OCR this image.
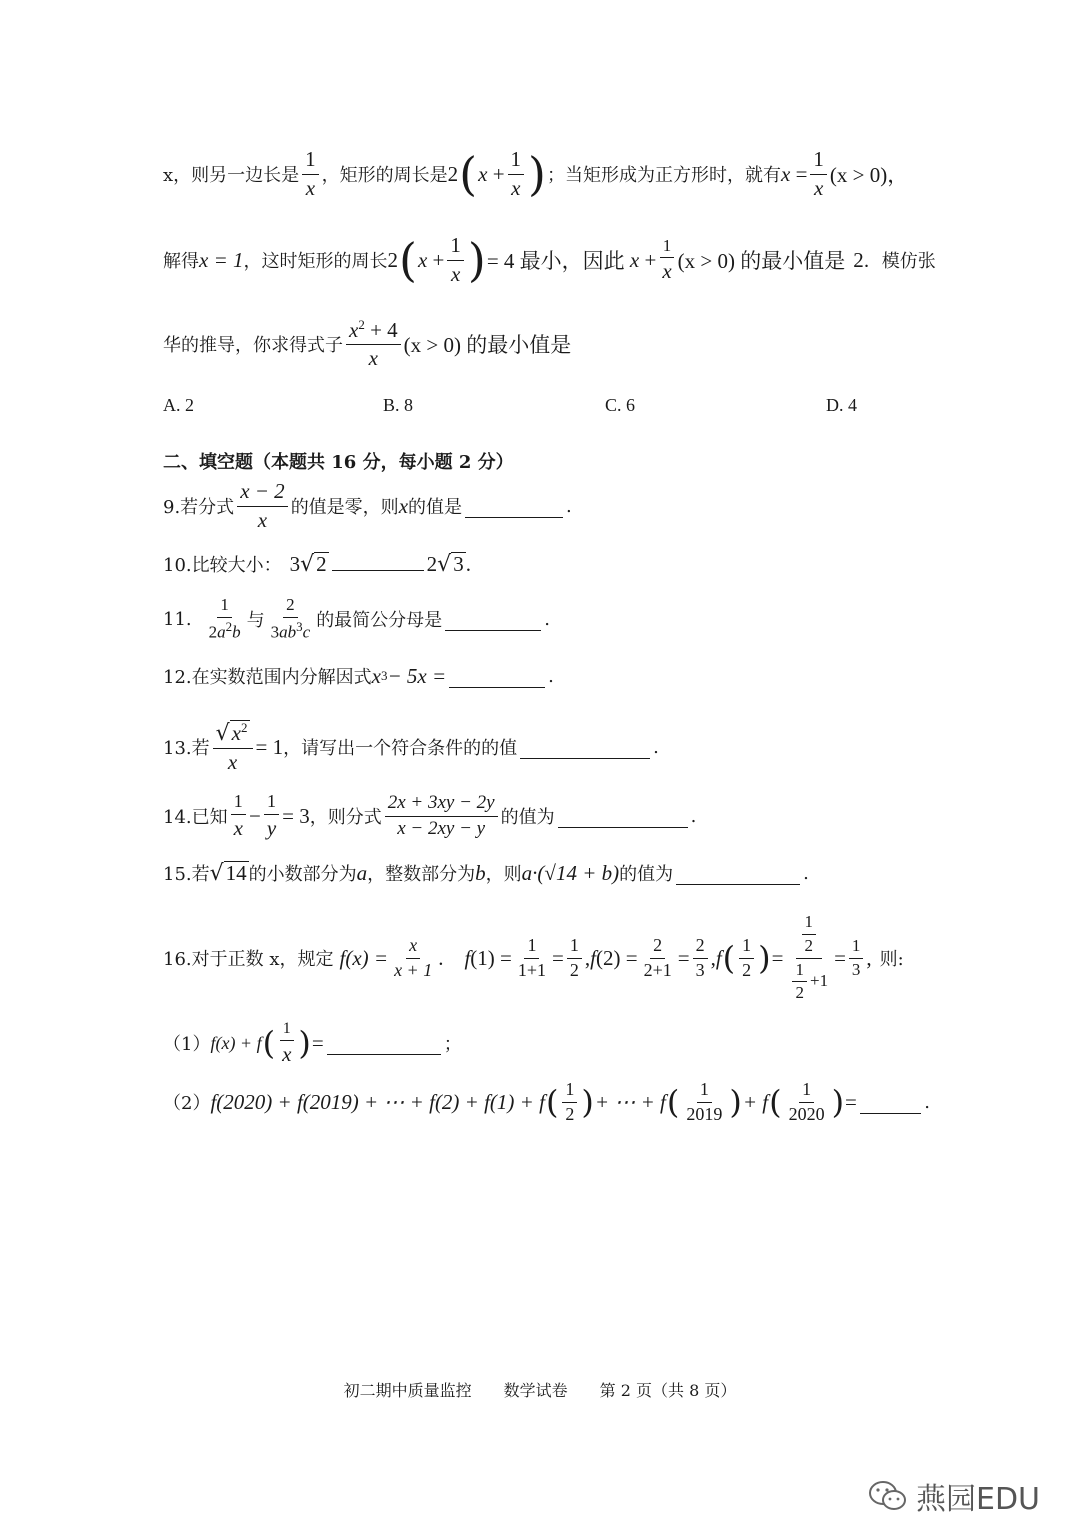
x，则另一边长是 $\frac{1}{x}$ ，矩形的周长是 2 ( $x + \frac{1}{x}$ ) ；当矩形成为正方形时，就有 $x = \frac{1}{x} (x > 0)$，
解得 x = 1 ，这时矩形的周长 2 ( $x + \frac{1}{x}$ ) = 4 最小，因此 $x + \frac{1}{x} (x > 0)$ 的最小值是 2 ．模仿张
华的推导，你求得式子 $\frac{x^2 + 4}{x} (x > 0)$ 的最小值是
A. 2	B. 8	C. 6	D. 4
二、填空题（本题共 16 分，每小题 2 分）
9.若分式 $\frac{x - 2}{x}$ 的值是零，则 x 的值是	.
10.比较大小： 3 √ 2	2 √ 3 .
11. $\frac{1}{2a^2b}$ 与 $\frac{2}{3ab^3c}$ 的最简公分母是	.
12.在实数范围内分解因式 x 3 − 5x =	.
13.若 $\frac{√ x^2}{x} = 1$ ，请写出一个符合条件的的值	.
14.已知 $\frac{1}{x} - \frac{1}{y} = 3$ ，则分式 $\frac{2x + 3xy - 2y}{x - 2xy - y}$ 的值为	.
15.若 √ 14 的小数部分为 a ，整数部分为 b ，则 a·(√14 + b) 的值为	.
16.对于正数 x，规定 $f(x) = \frac{x}{x + 1}$ . f $(1) = \frac{1}{1+1} = \frac{1}{2}$ , f $(2) = \frac{2}{2+1} = \frac{2}{3}$ , f ( $\frac{1}{2}$ ) = $\frac{\frac{1}{2}}{\frac{1}{2} +1} = \frac{1}{3}$ , 则:
（1） f(x) + f ( $\frac{1}{x}$ ) =	；
（2） f(2020) + f(2019) + ⋯ + f(2) + f(1) + f ( $\frac{1}{2}$ ) + ⋯ + f ( $\frac{1}{2019}$ ) + f ( $\frac{1}{2020}$ ) =	.
初二期中质量监控　　数学试卷　　第 2 页（共 8 页）
燕园EDU
